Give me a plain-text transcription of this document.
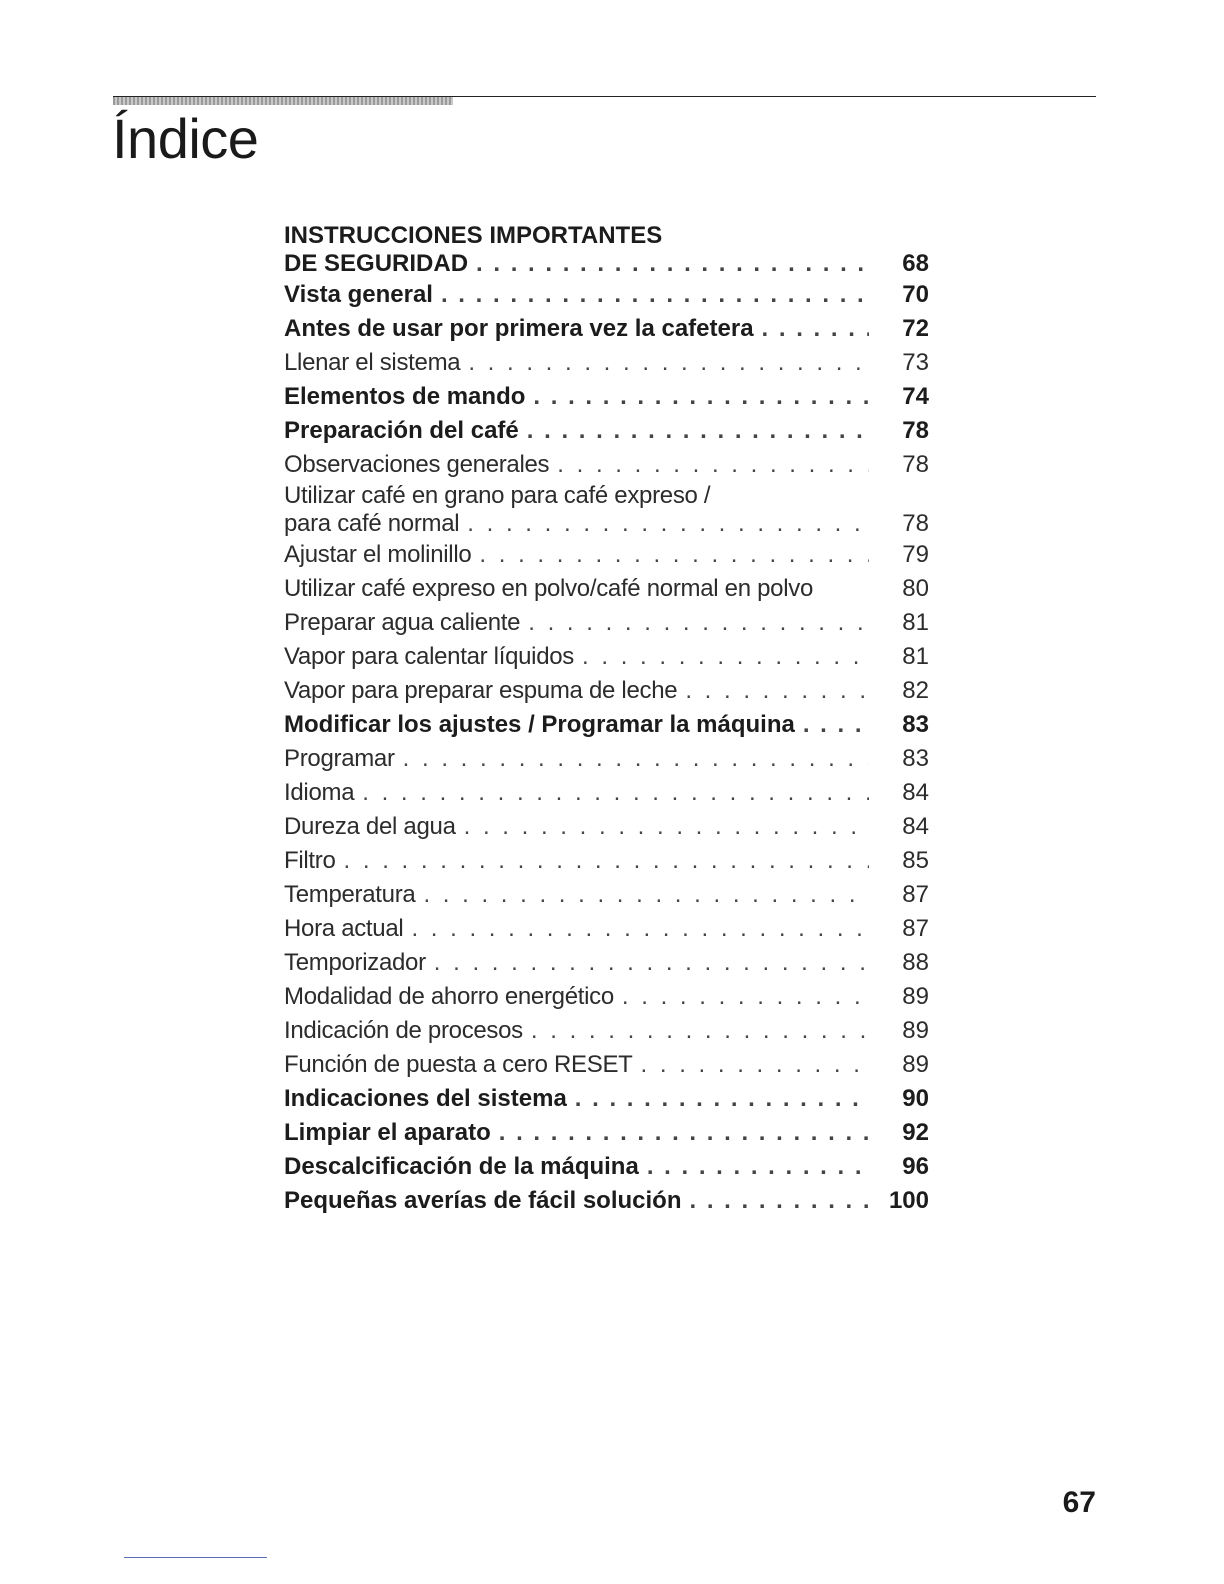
Índice
INSTRUCCIONES IMPORTANTES
DE SEGURIDAD . . .	68
Vista general . . .	70
Antes de usar por primera vez la cafetera . . .	72
Llenar el sistema . . .	73
Elementos de mando . . .	74
Preparación del café . . .	78
Observaciones generales . . .	78
Utilizar café en grano para café expreso /
para café normal . . .	78
Ajustar el molinillo . . .	79
Utilizar café expreso en polvo/café normal en polvo	80
Preparar agua caliente . . .	81
Vapor para calentar líquidos . . .	81
Vapor para preparar espuma de leche . . .	82
Modificar los ajustes / Programar la máquina . . .	83
Programar . . .	83
Idioma . . .	84
Dureza del agua . . .	84
Filtro . . .	85
Temperatura . . .	87
Hora actual . . .	87
Temporizador . . .	88
Modalidad de ahorro energético . . .	89
Indicación de procesos . . .	89
Función de puesta a cero RESET . . .	89
Indicaciones del sistema . . .	90
Limpiar el aparato . . .	92
Descalcificación de la máquina . . .	96
Pequeñas averías de fácil solución . . .	100
67
